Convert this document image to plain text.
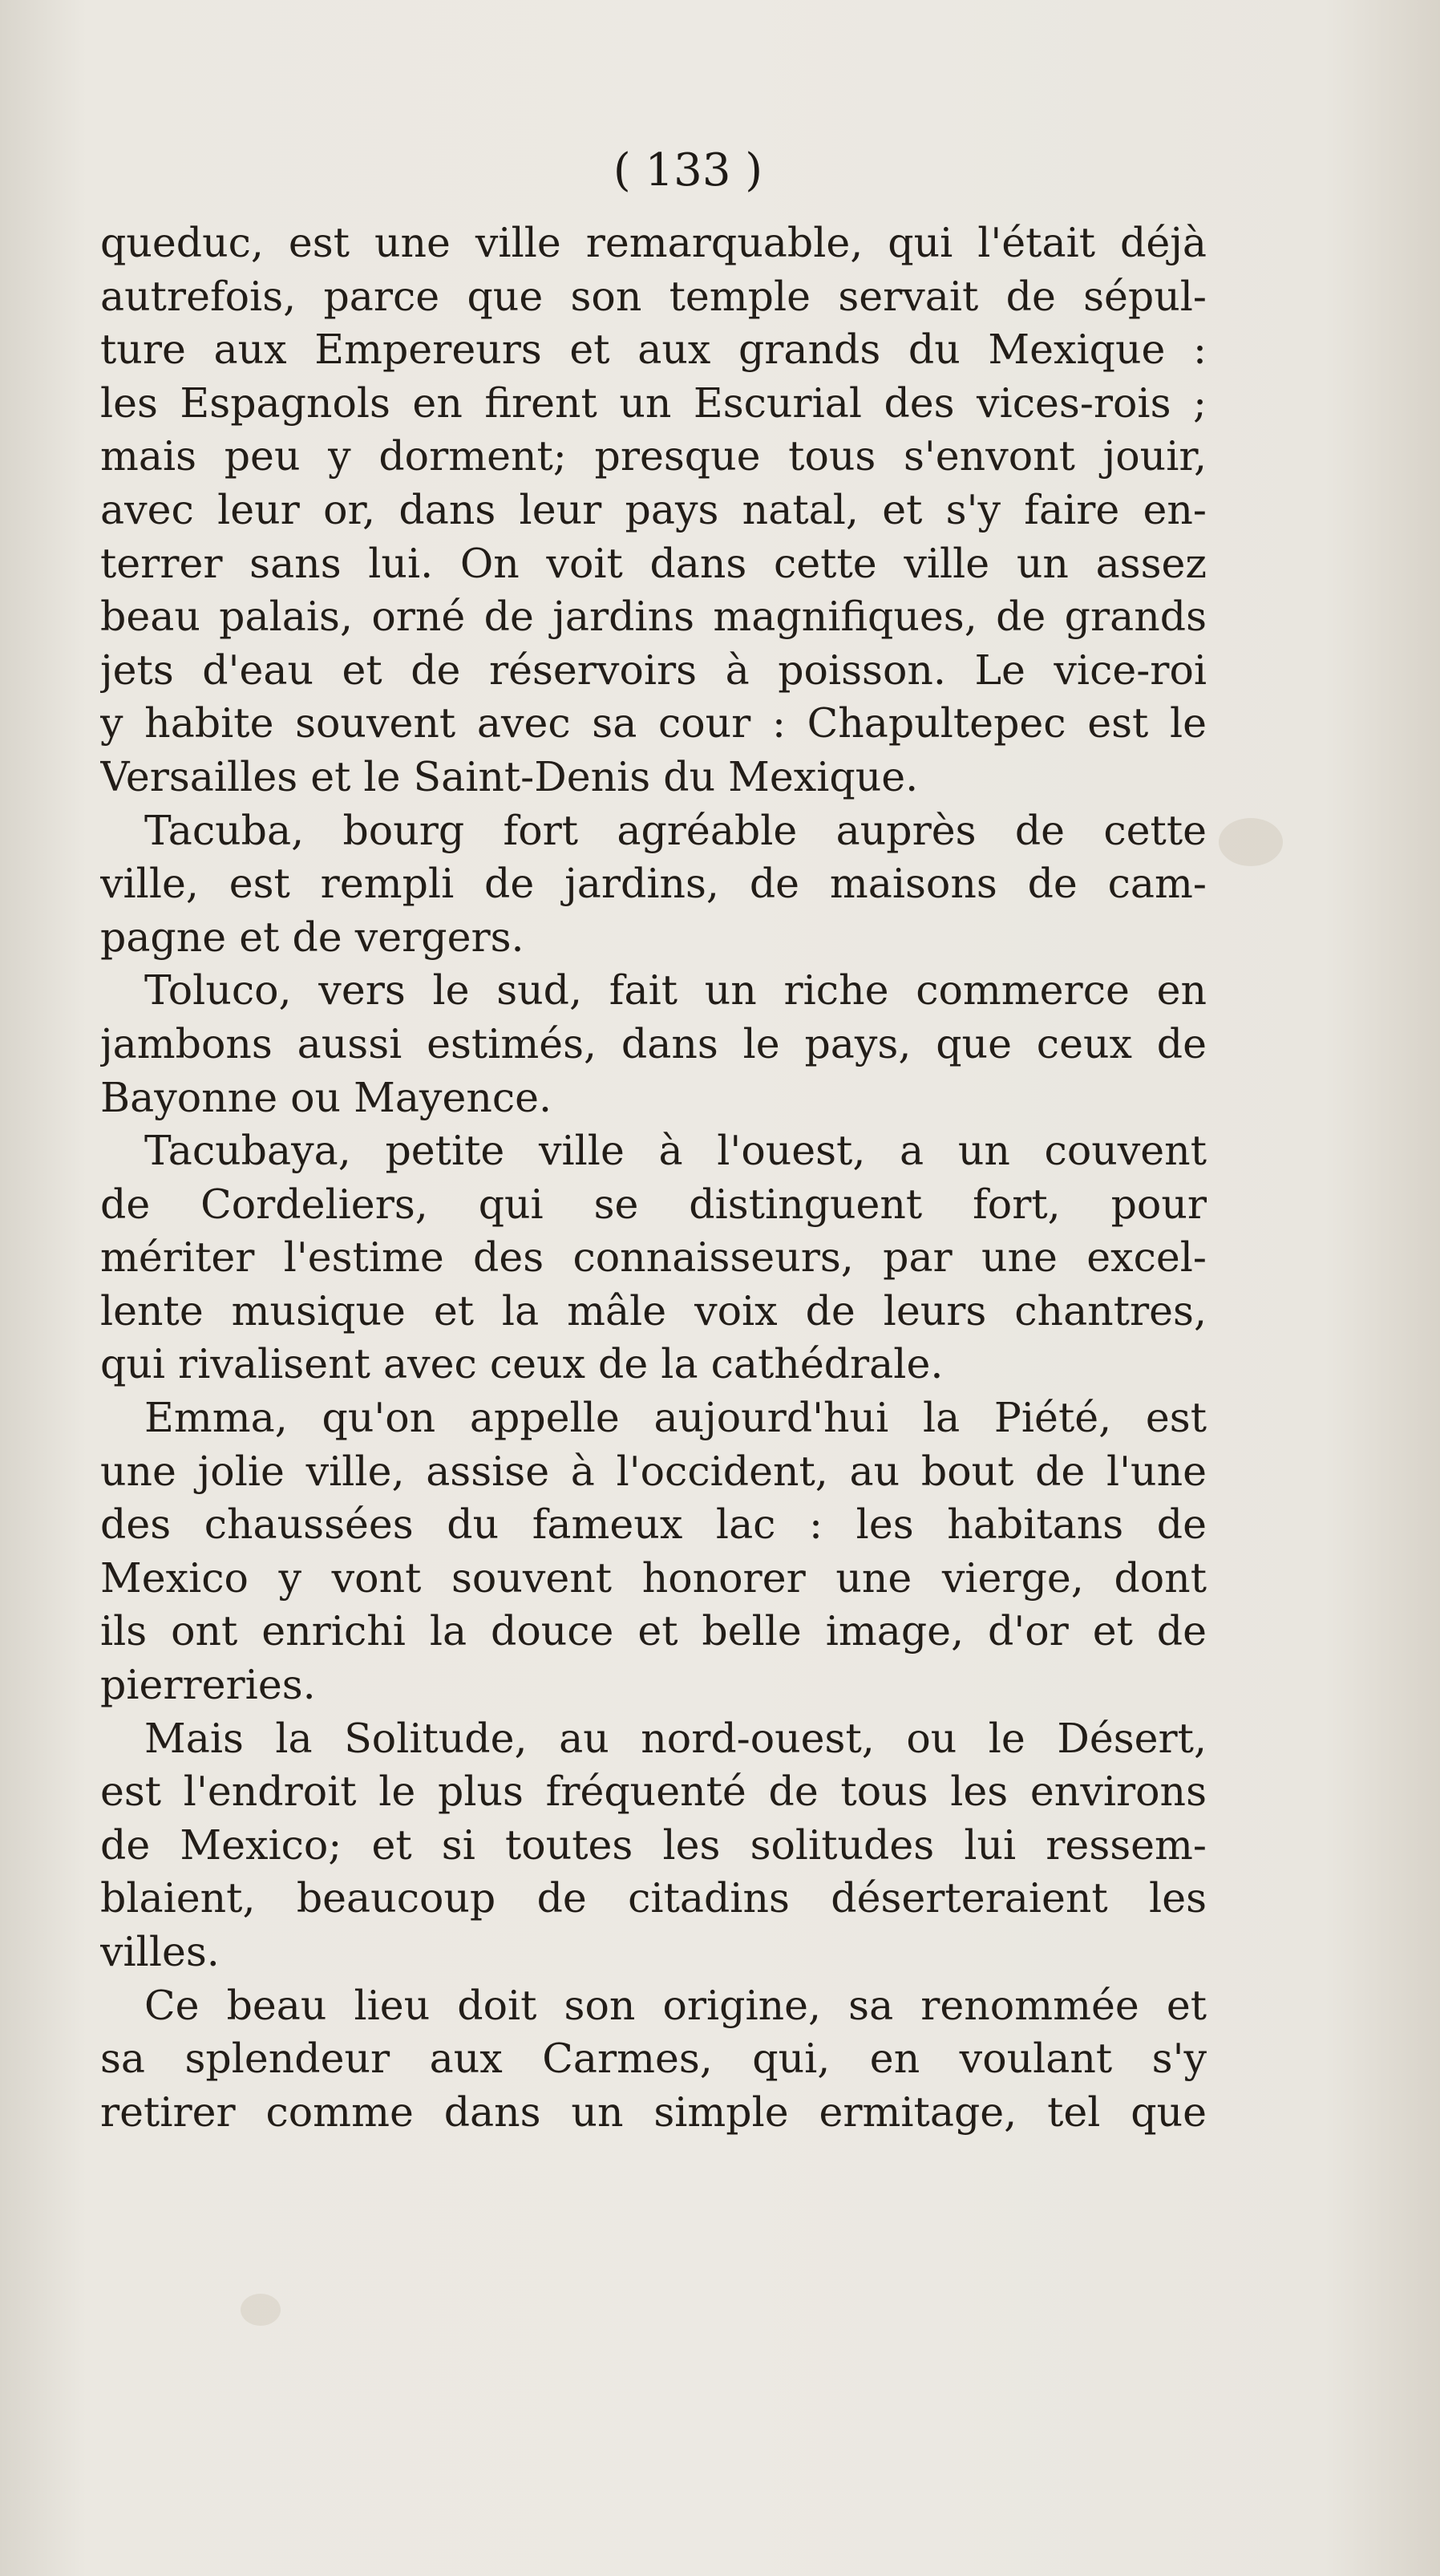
( 133 )
queduc, est une ville remarquable, qui l'était déjà
autrefois, parce que son temple servait de sépul-
ture aux Empereurs et aux grands du Mexique :
les Espagnols en firent un Escurial des vices-rois ;
mais peu y dorment; presque tous s'envont jouir,
avec leur or, dans leur pays natal, et s'y faire en-
terrer sans lui. On voit dans cette ville un assez
beau palais, orné de jardins magnifiques, de grands
jets d'eau et de réservoirs à poisson. Le vice-roi
y habite souvent avec sa cour : Chapultepec est le
Versailles et le Saint-Denis du Mexique.
Tacuba, bourg fort agréable auprès de cette
ville, est rempli de jardins, de maisons de cam-
pagne et de vergers.
Toluco, vers le sud, fait un riche commerce en
jambons aussi estimés, dans le pays, que ceux de
Bayonne ou Mayence.
Tacubaya, petite ville à l'ouest, a un couvent
de Cordeliers, qui se distinguent fort, pour
mériter l'estime des connaisseurs, par une excel-
lente musique et la mâle voix de leurs chantres,
qui rivalisent avec ceux de la cathédrale.
Emma, qu'on appelle aujourd'hui la Piété, est
une jolie ville, assise à l'occident, au bout de l'une
des chaussées du fameux lac : les habitans de
Mexico y vont souvent honorer une vierge, dont
ils ont enrichi la douce et belle image, d'or et de
pierreries.
Mais la Solitude, au nord-ouest, ou le Désert,
est l'endroit le plus fréquenté de tous les environs
de Mexico; et si toutes les solitudes lui ressem-
blaient, beaucoup de citadins déserteraient les
villes.
Ce beau lieu doit son origine, sa renommée et
sa splendeur aux Carmes, qui, en voulant s'y
retirer comme dans un simple ermitage, tel que
